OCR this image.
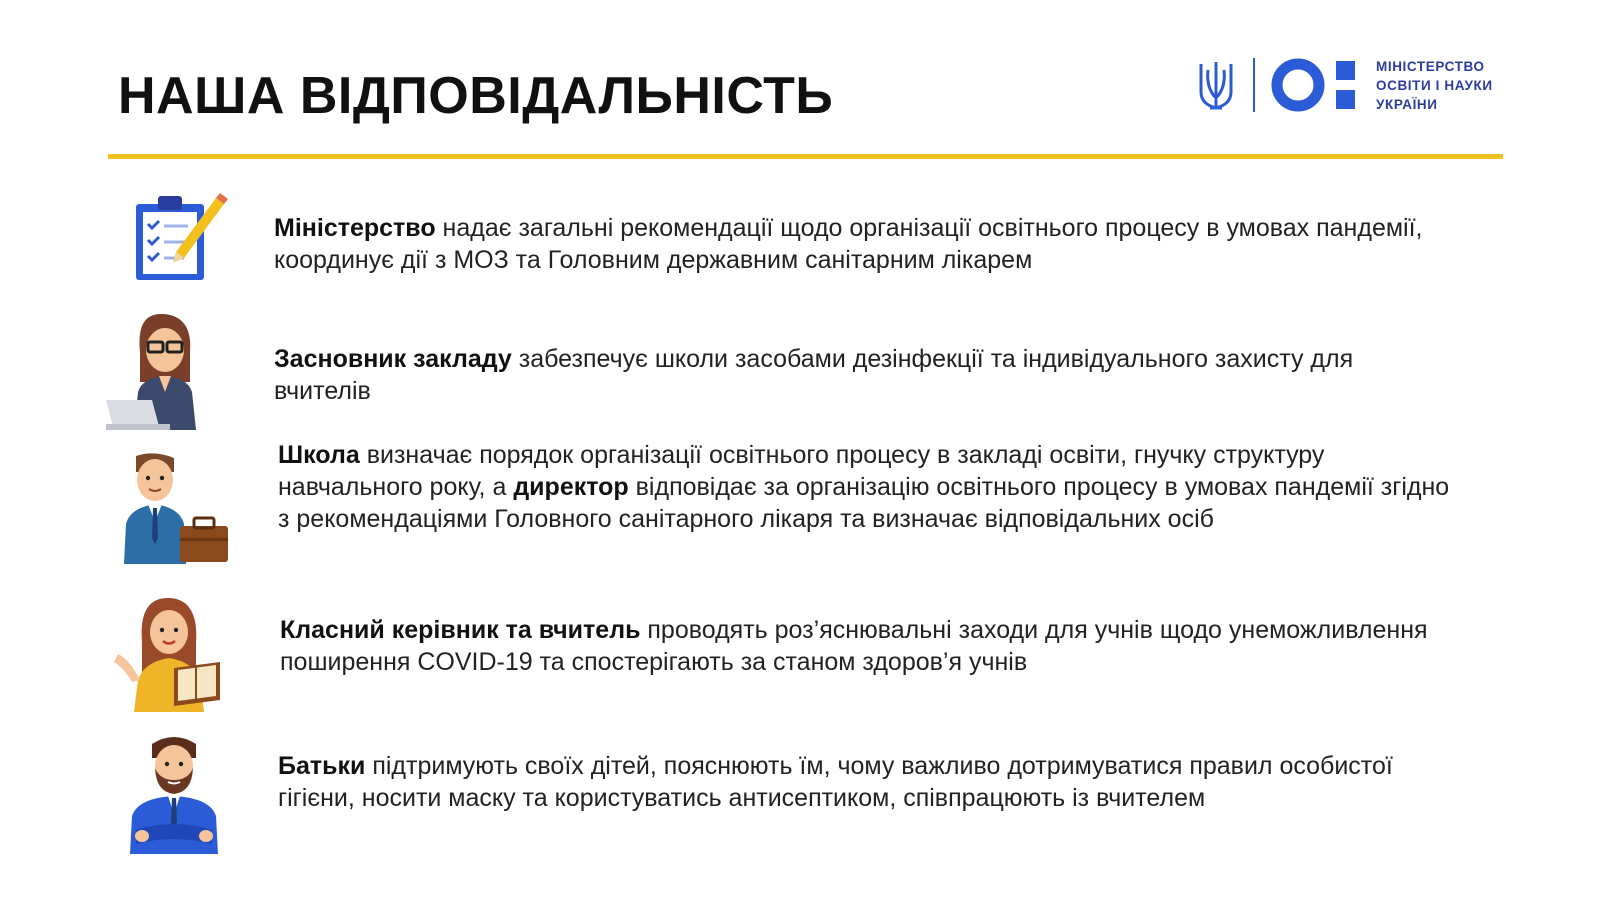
НАША ВІДПОВІДАЛЬНІСТЬ
МІНІСТЕРСТВО
ОСВІТИ І НАУКИ
УКРАЇНИ
Міністерство надає загальні рекомендації щодо організації освітнього процесу в умовах пандемії, координує дії з МОЗ та Головним державним санітарним лікарем
Засновник закладу забезпечує школи засобами дезінфекції та індивідуального захисту для вчителів
Школа визначає порядок організації освітнього процесу в закладі освіти, гнучку структуру навчального року, а директор відповідає за організацію освітнього процесу в умовах пандемії згідно з рекомендаціями Головного санітарного лікаря та визначає відповідальних осіб
Класний керівник та вчитель проводять роз’яснювальні заходи для учнів щодо унеможливлення поширення COVID-19 та спостерігають за станом здоров’я учнів
Батьки підтримують своїх дітей, пояснюють їм, чому важливо дотримуватися правил особистої гігієни, носити маску та користуватись антисептиком, співпрацюють із вчителем
